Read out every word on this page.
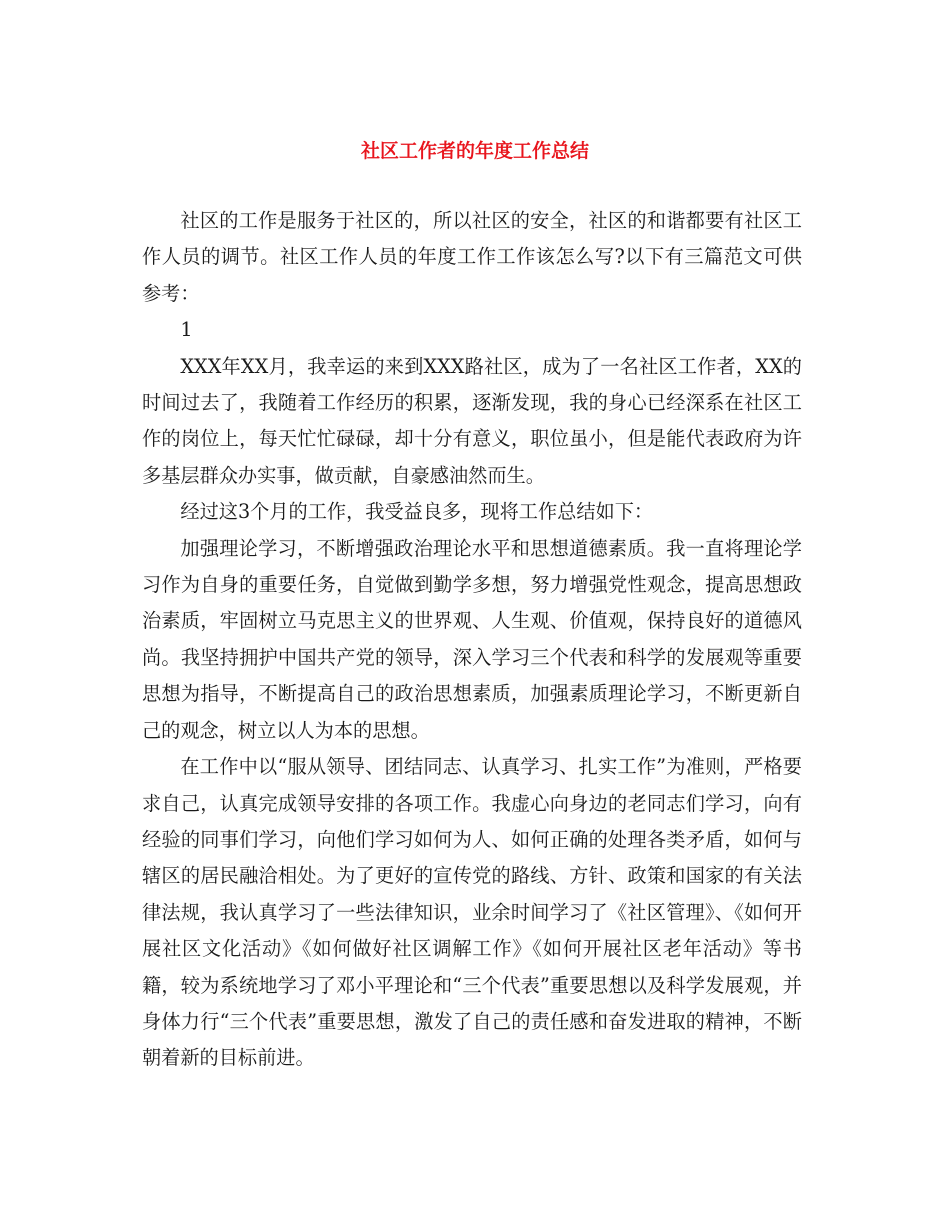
社区工作者的年度工作总结

社区的工作是服务于社区的，所以社区的安全，社区的和谐都要有社区工作人员的调节。社区工作人员的年度工作工作该怎么写?以下有三篇范文可供参考：

1

XXX年XX月，我幸运的来到XXX路社区，成为了一名社区工作者，XX的时间过去了，我随着工作经历的积累，逐渐发现，我的身心已经深系在社区工作的岗位上，每天忙忙碌碌，却十分有意义，职位虽小，但是能代表政府为许多基层群众办实事，做贡献，自豪感油然而生。

经过这3个月的工作，我受益良多，现将工作总结如下：

加强理论学习，不断增强政治理论水平和思想道德素质。我一直将理论学习作为自身的重要任务，自觉做到勤学多想，努力增强党性观念，提高思想政治素质，牢固树立马克思主义的世界观、人生观、价值观，保持良好的道德风尚。我坚持拥护中国共产党的领导，深入学习三个代表和科学的发展观等重要思想为指导，不断提高自己的政治思想素质，加强素质理论学习，不断更新自己的观念，树立以人为本的思想。

在工作中以“服从领导、团结同志、认真学习、扎实工作”为准则，严格要求自己，认真完成领导安排的各项工作。我虚心向身边的老同志们学习，向有经验的同事们学习，向他们学习如何为人、如何正确的处理各类矛盾，如何与辖区的居民融洽相处。为了更好的宣传党的路线、方针、政策和国家的有关法律法规，我认真学习了一些法律知识，业余时间学习了《社区管理》、《如何开展社区文化活动》《如何做好社区调解工作》《如何开展社区老年活动》等书籍，较为系统地学习了邓小平理论和“三个代表”重要思想以及科学发展观，并身体力行“三个代表”重要思想，激发了自己的责任感和奋发进取的精神，不断朝着新的目标前进。
